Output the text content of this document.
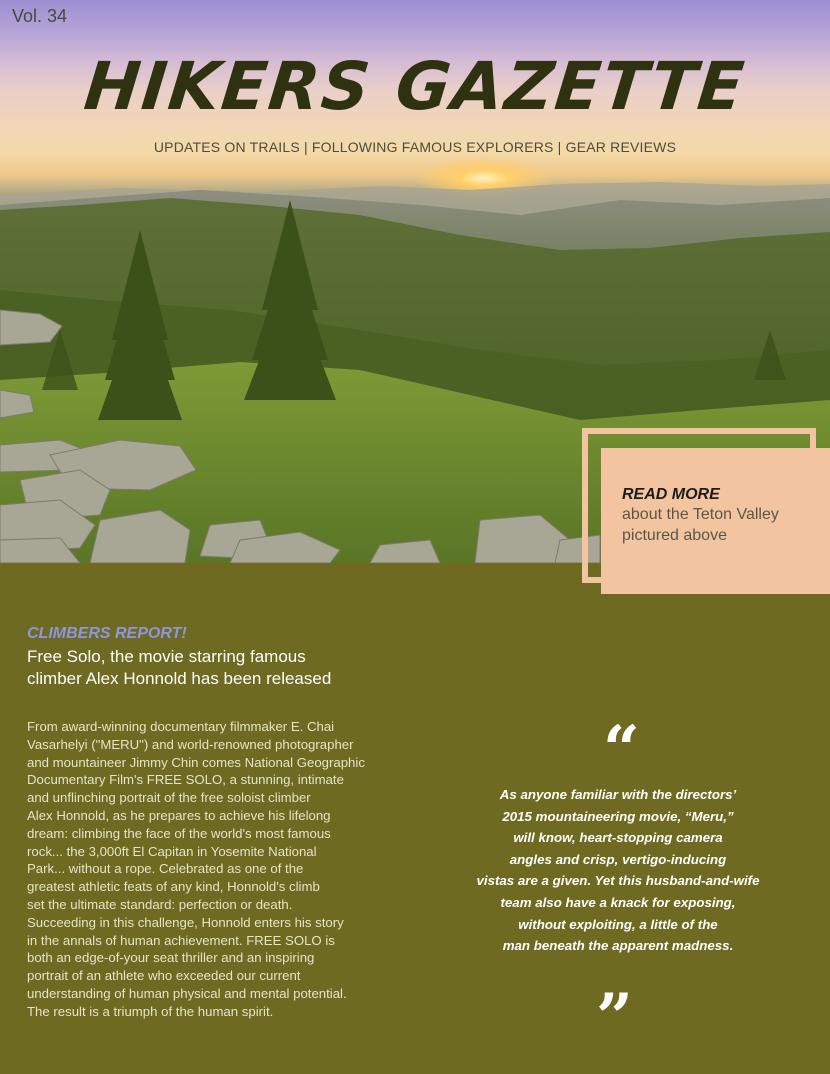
Vol. 34
HIKERS GAZETTE
UPDATES ON TRAILS | FOLLOWING FAMOUS EXPLORERS | GEAR REVIEWS
READ MORE
about the Teton Valley
pictured above
CLIMBERS REPORT!
Free Solo, the movie starring famous
climber Alex Honnold has been released
From award-winning documentary filmmaker E. Chai
Vasarhelyi ("MERU") and world-renowned photographer
and mountaineer Jimmy Chin comes National Geographic
Documentary Film's FREE SOLO, a stunning, intimate
and unflinching portrait of the free soloist climber
Alex Honnold, as he prepares to achieve his lifelong
dream: climbing the face of the world's most famous
rock... the 3,000ft El Capitan in Yosemite National
Park... without a rope. Celebrated as one of the
greatest athletic feats of any kind, Honnold's climb
set the ultimate standard: perfection or death.
Succeeding in this challenge, Honnold enters his story
in the annals of human achievement. FREE SOLO is
both an edge-of-your seat thriller and an inspiring
portrait of an athlete who exceeded our current
understanding of human physical and mental potential.
The result is a triumph of the human spirit.
“
As anyone familiar with the directors’
2015 mountaineering movie, “Meru,”
will know, heart-stopping camera
angles and crisp, vertigo-inducing
vistas are a given. Yet this husband-and-wife
team also have a knack for exposing,
without exploiting, a little of the
man beneath the apparent madness.
”
